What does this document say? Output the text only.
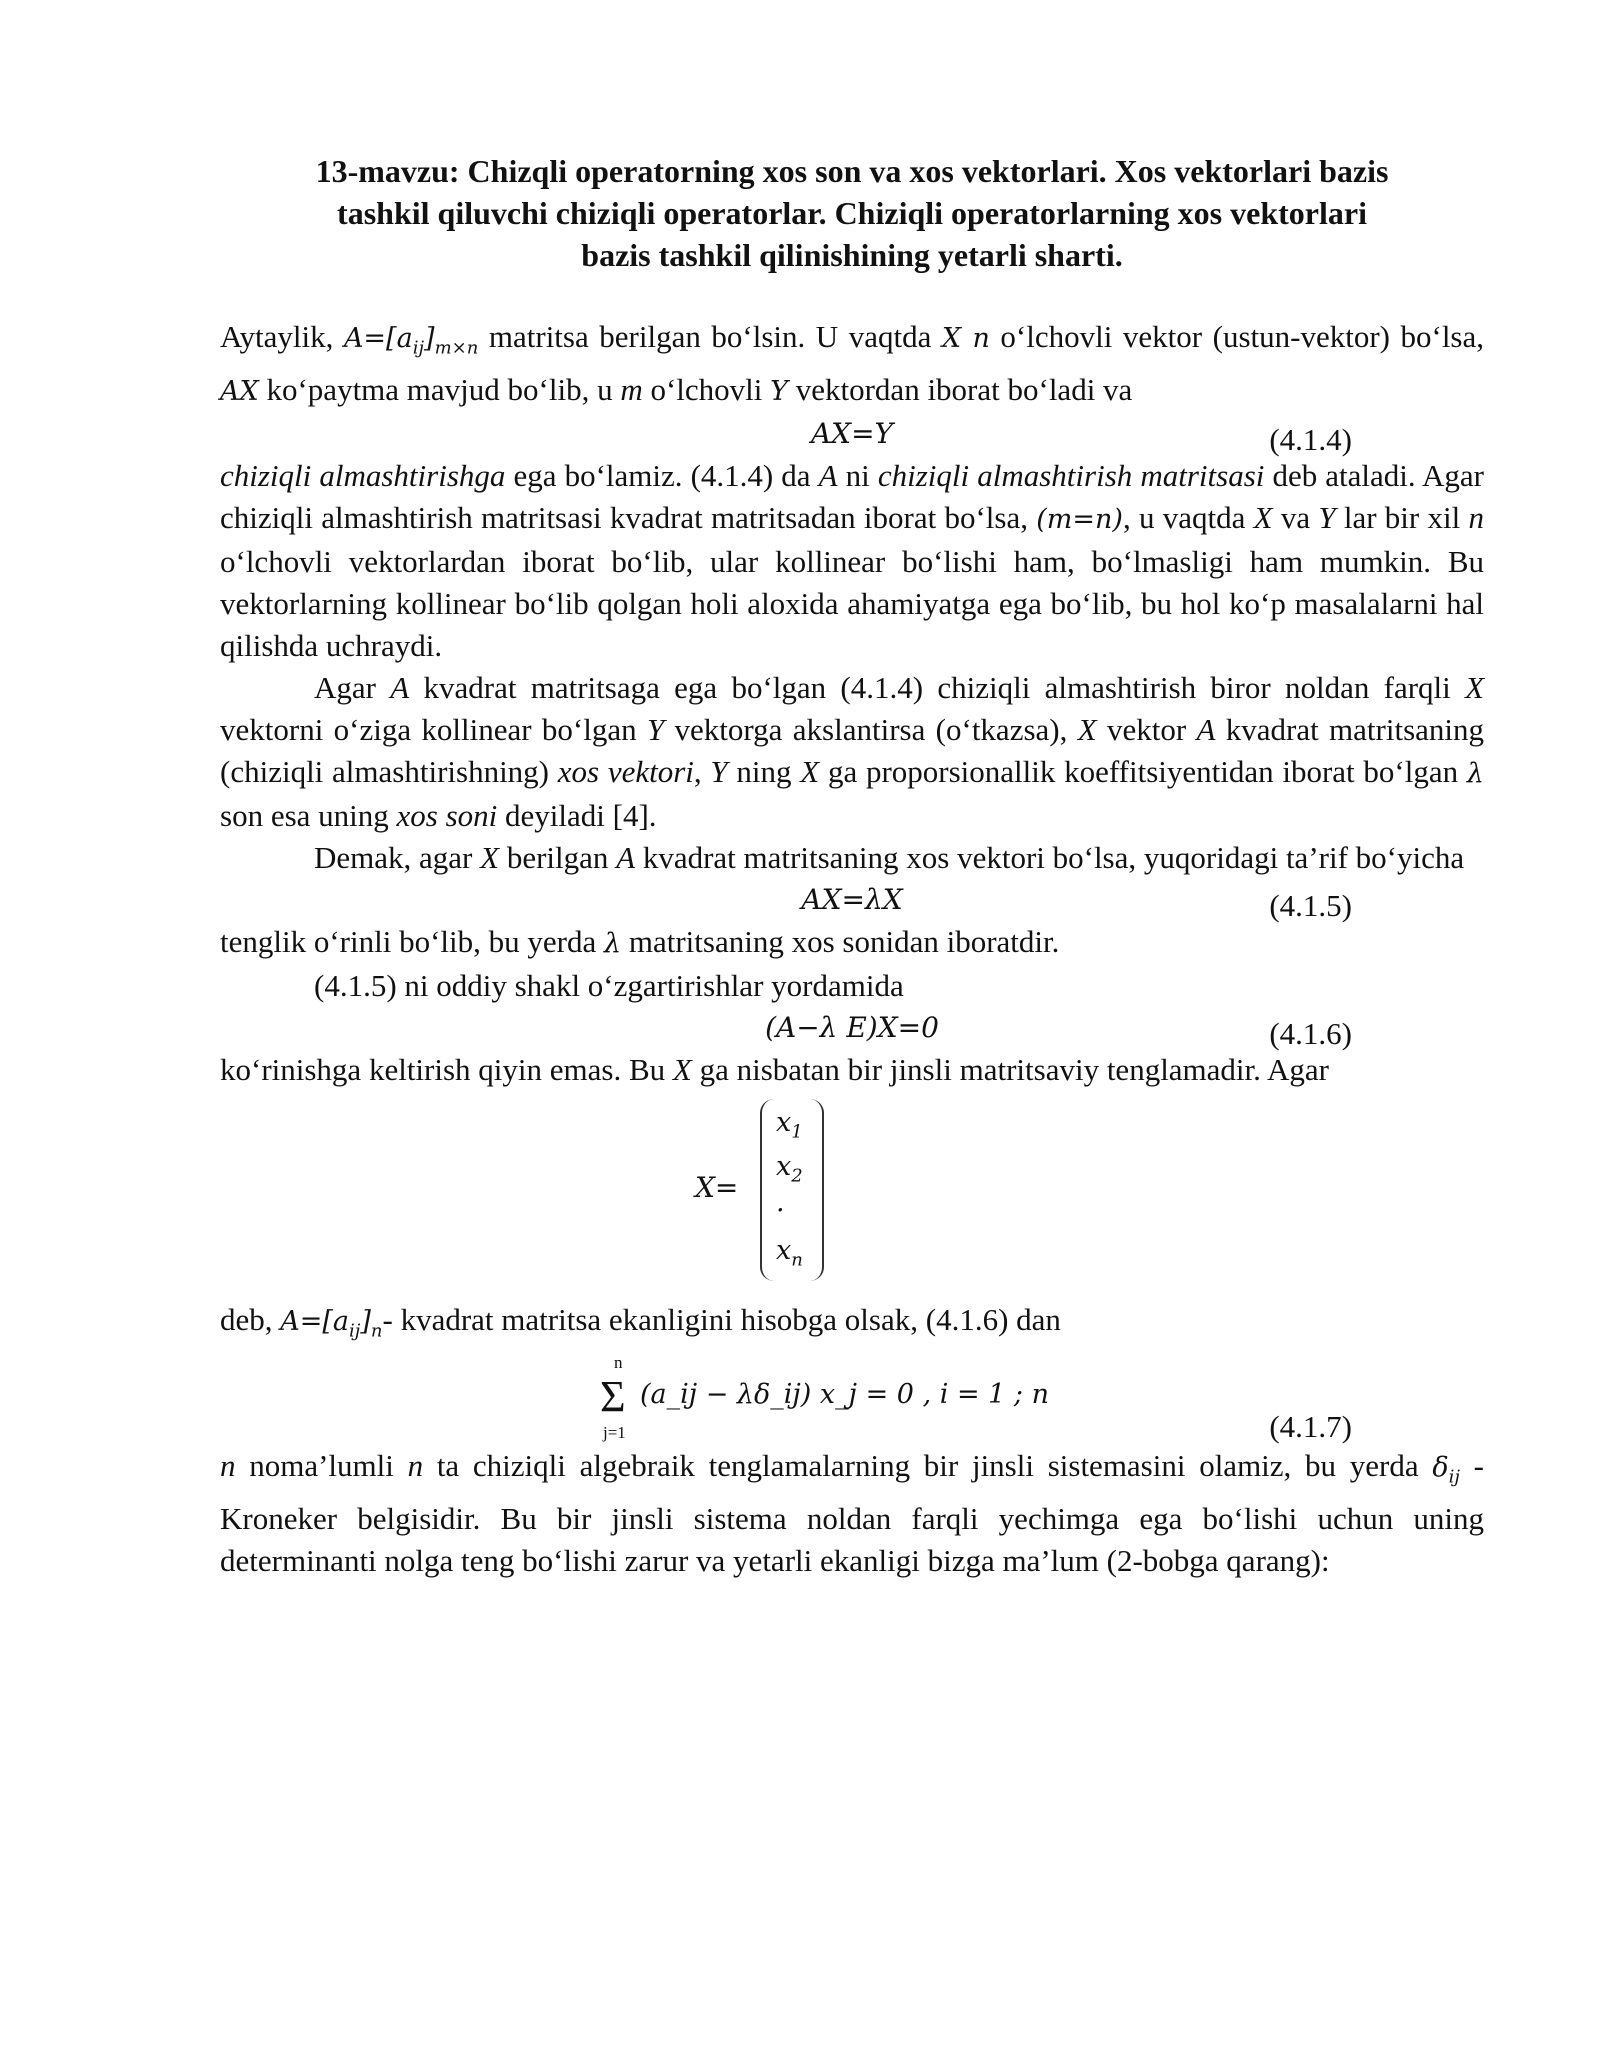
13-mavzu: Chizqli operatorning xos son va xos vektorlari. Xos vektorlari bazis
tashkil qiluvchi chiziqli operatorlar. Chiziqli operatorlarning xos vektorlari
bazis tashkil qilinishining yetarli sharti.

Aytaylik, $A=[a_{ij}]_{m\times n}$ matritsa berilgan bo‘lsin. U vaqtda X n o‘lchovli vektor (ustun-vektor) bo‘lsa, AX ko‘paytma mavjud bo‘lib, u m o‘lchovli Y vektordan iborat bo‘ladi va

AX=Y	(4.1.4)

chiziqli almashtirishga ega bo‘lamiz. (4.1.4) da A ni chiziqli almashtirish matritsasi deb ataladi. Agar chiziqli almashtirish matritsasi kvadrat matritsadan iborat bo‘lsa, (m=n), u vaqtda X va Y lar bir xil n o‘lchovli vektorlardan iborat bo‘lib, ular kollinear bo‘lishi ham, bo‘lmasligi ham mumkin. Bu vektorlarning kollinear bo‘lib qolgan holi aloxida ahamiyatga ega bo‘lib, bu hol ko‘p masalalarni hal qilishda uchraydi.

Agar A kvadrat matritsaga ega bo‘lgan (4.1.4) chiziqli almashtirish biror noldan farqli X vektorni o‘ziga kollinear bo‘lgan Y vektorga akslantirsa (o‘tkazsa), X vektor A kvadrat matritsaning (chiziqli almashtirishning) xos vektori, Y ning X ga proporsionallik koeffitsiyentidan iborat bo‘lgan λ son esa uning xos soni deyiladi [4].

Demak, agar X berilgan A kvadrat matritsaning xos vektori bo‘lsa, yuqoridagi ta’rif bo‘yicha

AX=λX	(4.1.5)

tenglik o‘rinli bo‘lib, bu yerda λ matritsaning xos sonidan iboratdir.

(4.1.5) ni oddiy shakl o‘zgartirishlar yordamida

(A−λ E)X=0	(4.1.6)

ko‘rinishga keltirish qiyin emas. Bu X ga nisbatan bir jinsli matritsaviy tenglamadir. Agar

X=
$x_1$
$x_2$
·
$x_n$

deb, $A=[a_{ij}]_n-$ kvadrat matritsa ekanligini hisobga olsak, (4.1.6) dan

n
Σ
j=1
(a_ij − λδ_ij) x_j = 0 , i = 1 ; n
(4.1.7)

n noma’lumli n ta chiziqli algebraik tenglamalarning bir jinsli sistemasini olamiz, bu yerda $\delta_{ij}$ - Kroneker belgisidir. Bu bir jinsli sistema noldan farqli yechimga ega bo‘lishi uchun uning determinanti nolga teng bo‘lishi zarur va yetarli ekanligi bizga ma’lum (2-bobga qarang):
